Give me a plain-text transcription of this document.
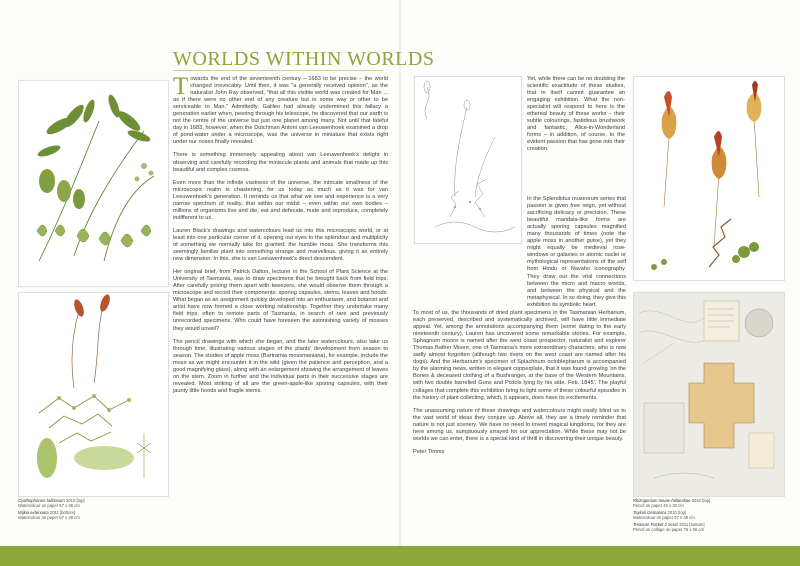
WORLDS WITHIN WORLDS

Towards the end of the seventeenth century – 1683 to be precise – the world changed irrevocably. Until then, it was "a generally received opinion", as the naturalist John Ray observed, "that all this visible world was created for Man ... as if there were no other end of any creature but in some way or other to be serviceable to Man." Admittedly, Galileo had already undermined this fallacy a generation earlier when, peering through his telescope, he discovered that our earth is not the centre of the universe but just one planet among many. Not until that fateful day in 1683, however, when the Dutchman Antoni van Leeuwenhoek examined a drop of pond-water under a microscope, was the universe in miniature that exists right under our noses finally revealed.

There is something immensely appealing about van Leeuwenhoek's delight in observing and carefully recording the miniscule plants and animals that made up this beautiful and complex cosmos.

Even more than the infinite vastness of the universe, the intricate smallness of the microscopic realm is chastening, for us today as much as it was for van Leeuwenhoek's generation. It reminds us that what we see and experience is a very narrow spectrum of reality, that within our midst – even within our own bodies – millions of organisms live and die, eat and defecate, mate and reproduce, completely indifferent to us.

Lauren Black's drawings and watercolours lead us into this microscopic world, or at least into one particular corner of it, opening our eyes to the splendour and multiplicity of something we normally take for granted: the humble moss. She transforms this seemingly familiar plant into something strange and marvellous, giving it an entirely new dimension. In this, she is van Leeuwenhoek's direct descendent.

Her original brief, from Patrick Dalton, lecturer in the School of Plant Science at the University of Tasmania, was to draw specimens that he brought back from field trips. After carefully prising them apart with tweezers, she would observe them through a microscope and record their components: sporing capsules, stems, leaves and hoods. What began as an assignment quickly developed into an enthusiasm, and botanist and artist have now formed a close working relationship. Together they undertake many field trips, often to remote parts of Tasmania, in search of rare and previously unrecorded specimens. Who could have foreseen the astonishing variety of mosses they would unveil?

The pencil drawings with which she began, and the later watercolours, also take us through time, illustrating various stages of the plants' development from season to season. The studies of apple moss (Bartramia mossmaniana), for example, include the moss as we might encounter it in the wild (given the patience and perception, and a good magnifying glass), along with an enlargement showing the arrangement of leaves on the stem. Zoom in further and the individual parts in their successive stages are revealed. Most striking of all are the green-apple-like sporing capsules, with their jaunty little hoods and fragile stems.

Yet, while there can be no doubting the scientific exactitude of these studies, that in itself cannot guarantee an engaging exhibition. What the non-specialist will respond to here is the ethereal beauty of these works – their subtle colourings, fastidious brushwork and fantastic, Alice-in-Wonderland forms – in addition, of course, to the evident passion that has gone into their creation.

In the Splendidus museorum series that passion is given free reign, yet without sacrificing delicacy or precision. These beautiful mandala-like forms are actually sporing capsules magnified many thousands of times (note the apple moss in another guise), yet they might equally be medieval rose-windows or galaxies or atomic nuclei or mythological representations of the self from Hindu or Navaho iconography. They draw out the vital connections between the micro and macro worlds, and between the physical and the metaphysical. In so doing, they give this exhibition its symbolic heart.

To most of us, the thousands of dried plant specimens in the Tasmanian Herbarium, each preserved, described and systematically archived, will have little immediate appeal. Yet, among the annotations accompanying them (some dating to the early nineteenth century), Lauren has uncovered some remarkable stories. For example, Sphagnum moore is named after the west coast prospector, naturalist and explorer Thomas Bather Moore, one of Tasmania's more extraordinary characters, who is now sadly almost forgotten (although two rivers on the west coast are named after his dogs). And the Herbarium's specimen of Splachnum octoblepharum is accompanied by the alarming news, written in elegant copperplate, that it was found growing 'on the Bones & deceased clothing of a Bushranger, at the base of the Western Mountains, with two double barrelled Guns and Pistols lying by his side. Feb. 1845'. The playful collages that complete this exhibition bring to light some of these colourful episodes in the history of plant collecting, which, it appears, does have its excitements.

The unassuming nature of these drawings and watercolours might easily blind us to the vast world of ideas they conjure up. Above all, they are a timely reminder that nature is not just scenery. We have no need to invent magical kingdoms, for they are here among us, sumptuously arrayed for our appreciation. While these may not be worlds we can enter, there is a special kind of thrill in discovering their unique beauty.

Peter Timms

Cyathophorum bulbosum 2010 [top]
Watercolour on paper 57 x 38 cm
Wijkia extenuata 2011 [bottom]
Watercolour on paper 57 x 38 cm
Rhizogonium novae-hollandiae 2010 [top]
Pencil on paper 45 x 30 cm
Taylorii tasmanica 2010 [top]
Watercolour on paper 57 x 38 cm
Treasure Packet 2 detail 2011 [bottom]
Pencil on collage on paper 75 x 56 cm
